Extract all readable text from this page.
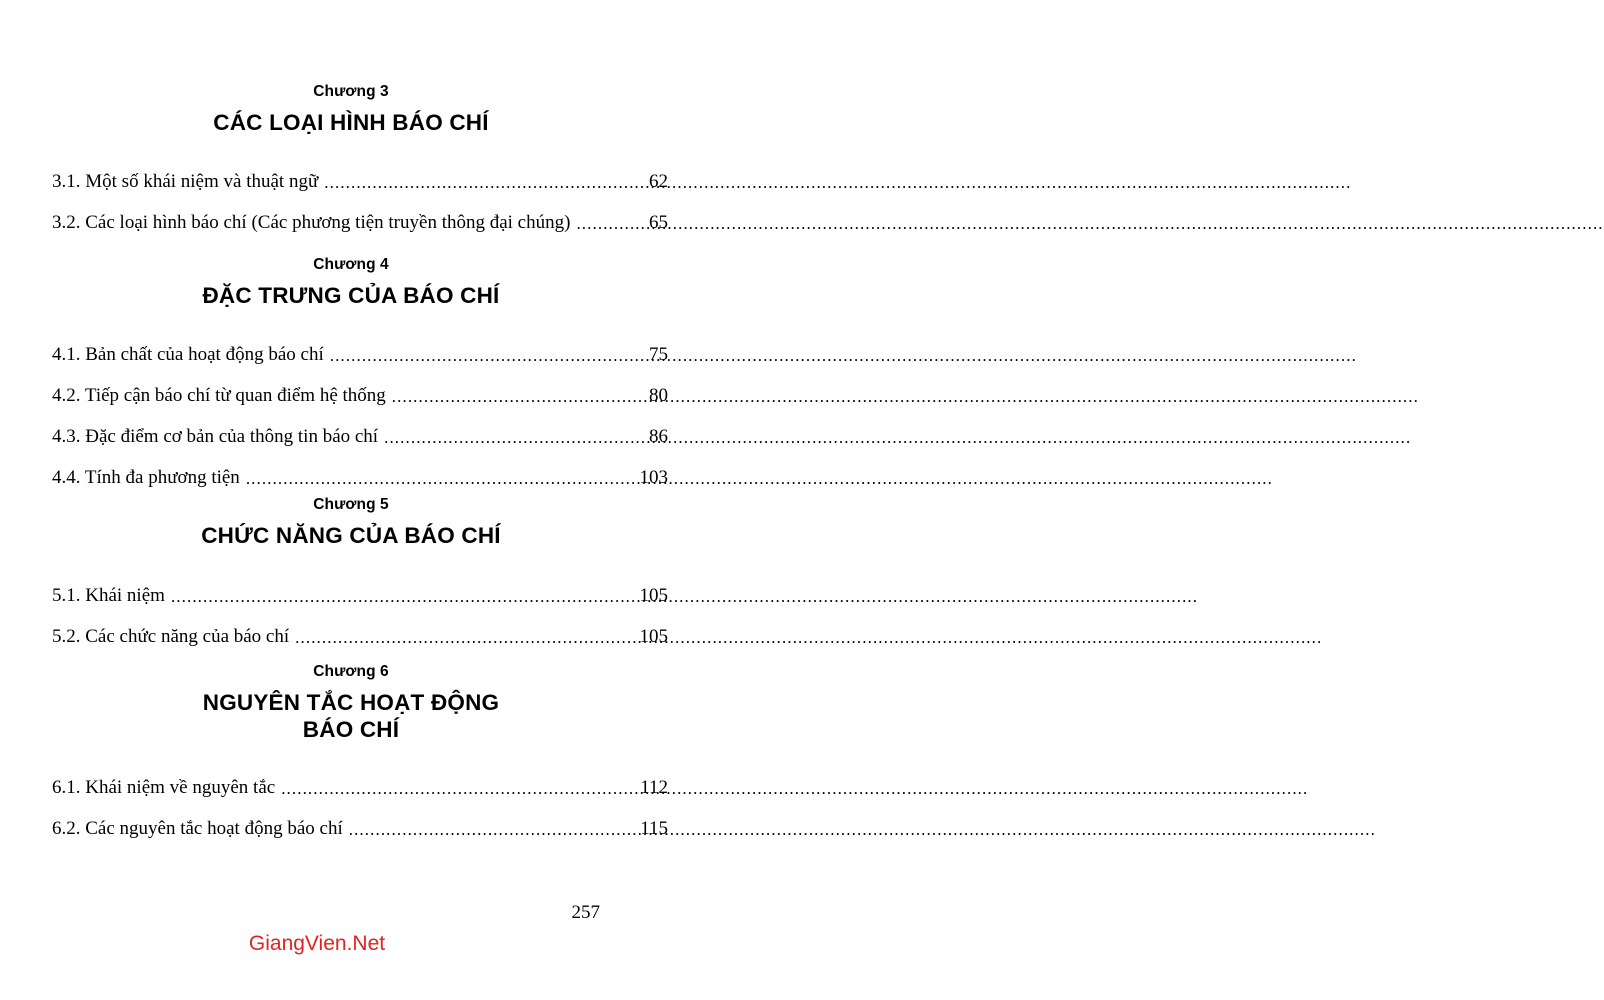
Chương 3
CÁC LOẠI HÌNH BÁO CHÍ
3.1. Một số khái niệm và thuật ngữ .....	62
3.2. Các loại hình báo chí (Các phương tiện truyền thông đại chúng) .....	65
Chương 4
ĐẶC TRƯNG CỦA BÁO CHÍ
4.1. Bản chất của hoạt động báo chí .....	75
4.2. Tiếp cận báo chí từ quan điểm hệ thống .....	80
4.3. Đặc điểm cơ bản của thông tin báo chí .....	86
4.4. Tính đa phương tiện .....	103
Chương 5
CHỨC NĂNG CỦA BÁO CHÍ
5.1. Khái niệm .....	105
5.2. Các chức năng của báo chí .....	105
Chương 6
NGUYÊN TẮC HOẠT ĐỘNG
BÁO CHÍ
6.1. Khái niệm về nguyên tắc .....	112
6.2. Các nguyên tắc hoạt động báo chí .....	115
257
GiangVien.Net
